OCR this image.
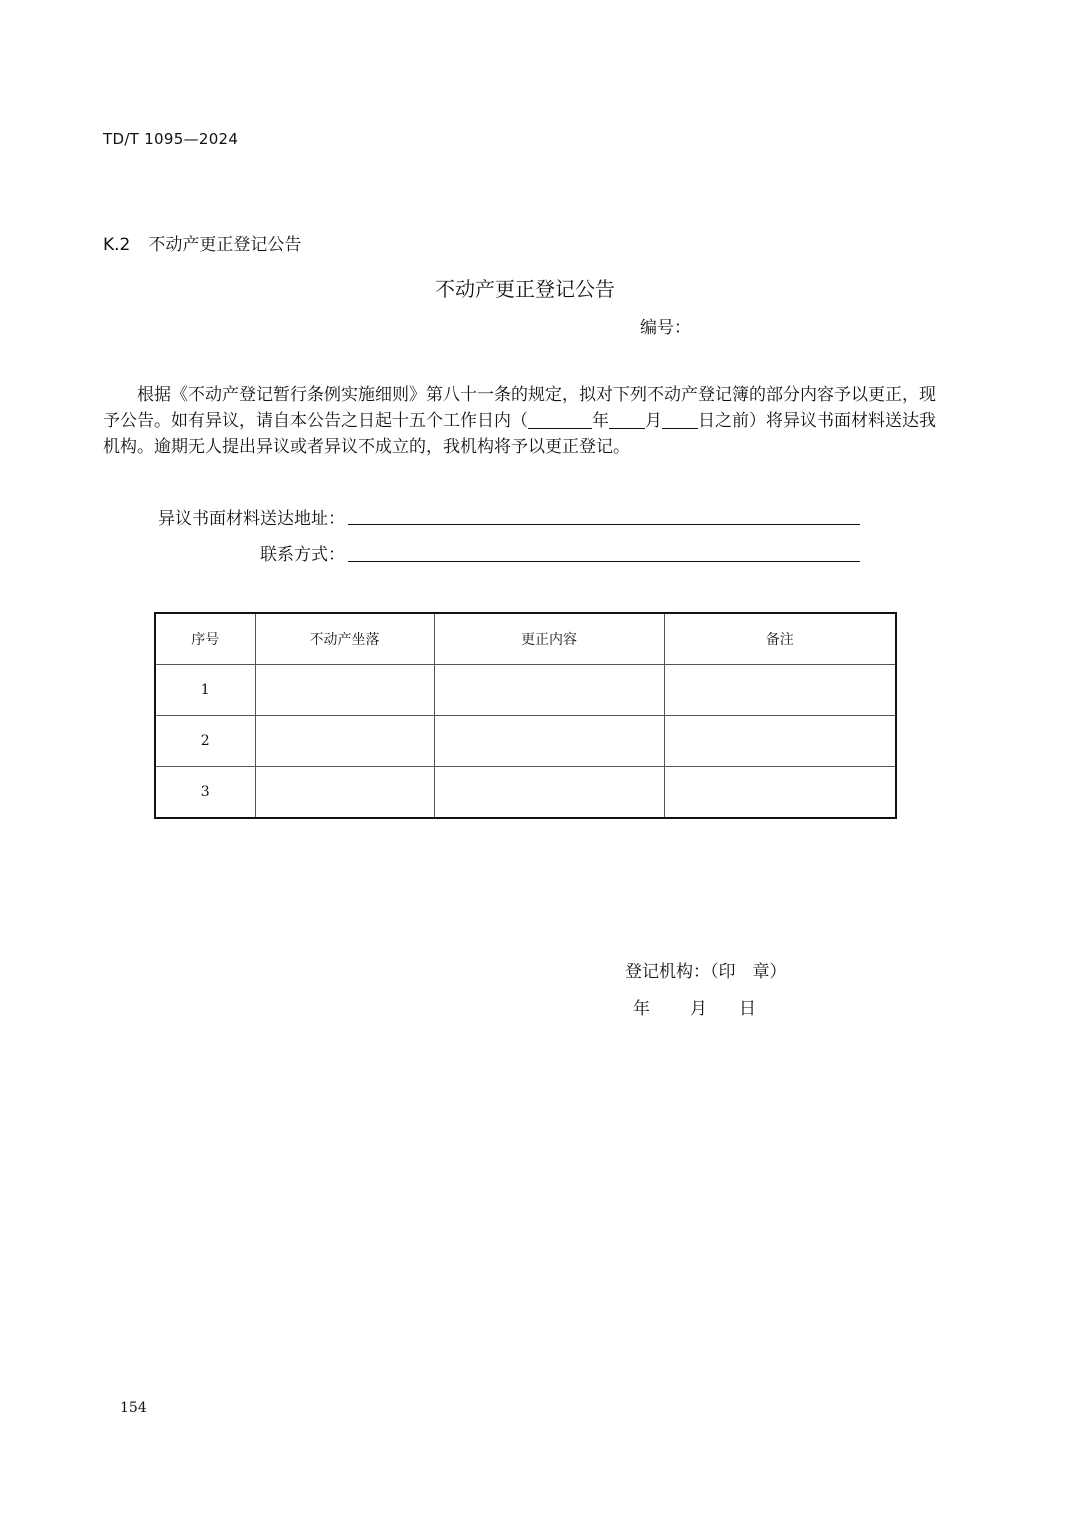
TD/T 1095—2024
K.2 不动产更正登记公告
不动产更正登记公告
编号：
根据《不动产登记暂行条例实施细则》第八十一条的规定，拟对下列不动产登记簿的部分内容予以更正，现予公告。如有异议，请自本公告之日起十五个工作日内（	年 月 日之前）将异议书面材料送达我机构。逾期无人提出异议或者异议不成立的，我机构将予以更正登记。
异议书面材料送达地址：
联系方式：
序号	不动产坐落	更正内容	备注
1			
2			
3			
登记机构：（印　章）
年 月 日
154
